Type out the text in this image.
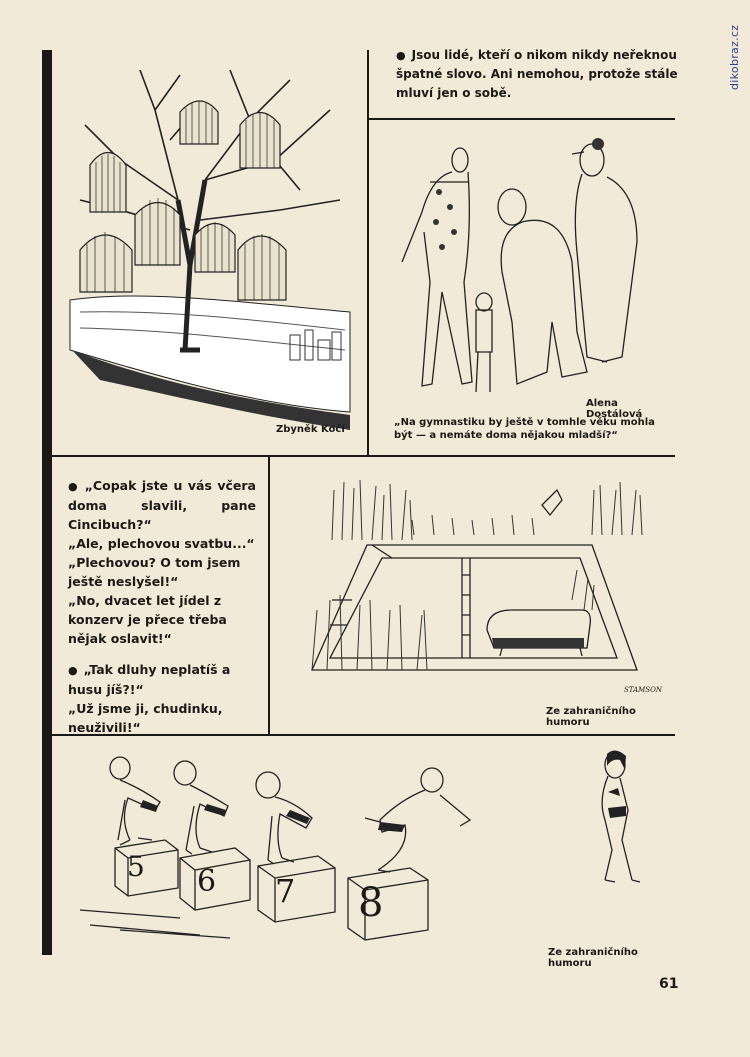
dikobraz.cz
Zbyněk Kočí

● Jsou lidé, kteří o nikom nikdy neřeknou špatné slovo. Ani nemohou, protože stále mluví jen o sobě.

Alena Dostálová
„Na gymnastiku by ještě v tomhle věku mohla být — a nemáte doma nějakou mladší?“

● „Copak jste u vás včera doma slavili, pane Cincibuch?“

„Ale, plechovou svatbu...“

„Plechovou? O tom jsem ještě neslyšel!“

„No, dvacet let jídel z konzerv je přece třeba nějak oslavit!“

● „Tak dluhy neplatíš a husu jíš?!“

„Už jsme ji, chudinku, neuživili!“

STAMSON
Ze zahraničního humoru
5 6 7 8
Ze zahraničního humoru
61
